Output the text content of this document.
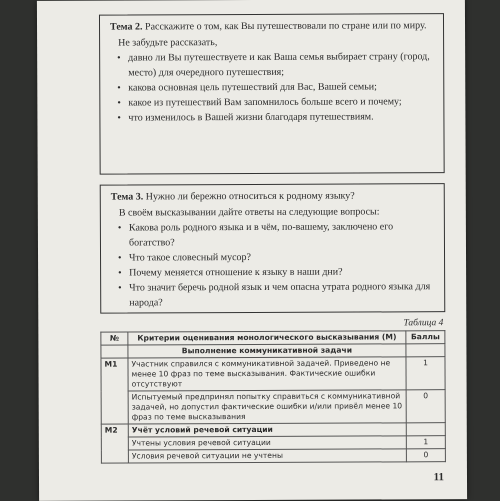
Тема 2. Расскажите о том, как Вы путешествовали по стране или по миру.
Не забудьте рассказать,
• давно ли Вы путешествуете и как Ваша семья выбирает страну (город, место) для очередного путешествия;
• какова основная цель путешествий для Вас, Вашей семьи;
• какое из путешествий Вам запомнилось больше всего и почему;
• что изменилось в Вашей жизни благодаря путешествиям.
Тема 3. Нужно ли бережно относиться к родному языку?
В своём высказывании дайте ответы на следующие вопросы:
• Какова роль родного языка и в чём, по-вашему, заключено его богатство?
• Что такое словесный мусор?
• Почему меняется отношение к языку в наши дни?
• Что значит беречь родной язык и чем опасна утрата родного языка для народа?
Таблица 4
№	Критерии оценивания монологического высказывания (М)	Баллы
	Выполнение коммуникативной задачи	
М1	Участник справился с коммуникативной задачей. Приведено не менее 10 фраз по теме высказывания. Фактические ошибки отсутствуют	1
	Испытуемый предпринял попытку справиться с коммуникативной задачей, но допустил фактические ошибки и/или привёл менее 10 фраз по теме высказывания	0
М2	Учёт условий речевой ситуации	
	Учтены условия речевой ситуации	1
	Условия речевой ситуации не учтены	0
11
